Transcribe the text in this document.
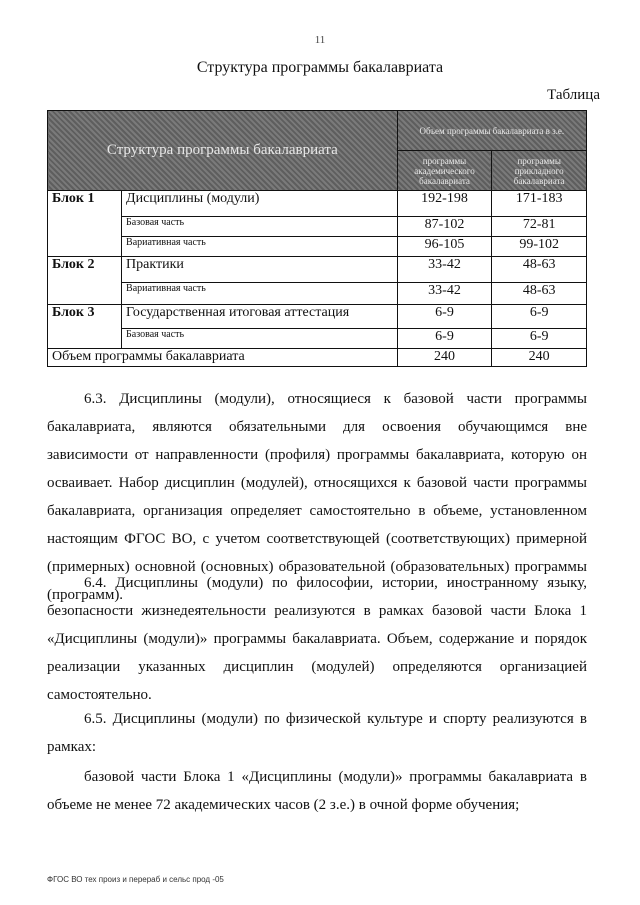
11
Структура программы бакалавриата
Таблица
Структура программы бакалавриата		Объем программы бакалавриата в з.е.	
		программы академического бакалавриата	программы прикладного бакалавриата
Блок 1	Дисциплины (модули)	192-198	171-183
	Базовая часть	87-102	72-81
	Вариативная часть	96-105	99-102
Блок 2	Практики	33-42	48-63
	Вариативная часть	33-42	48-63
Блок 3	Государственная итоговая аттестация	6-9	6-9
	Базовая часть	6-9	6-9
Объем программы бакалавриата		240	240

6.3. Дисциплины (модули), относящиеся к базовой части программы бакалавриата, являются обязательными для освоения обучающимся вне зависимости от направленности (профиля) программы бакалавриата, которую он осваивает. Набор дисциплин (модулей), относящихся к базовой части программы бакалавриата, организация определяет самостоятельно в объеме, установленном настоящим ФГОС ВО, с учетом соответствующей (соответствующих) примерной (примерных) основной (основных) образовательной (образовательных) программы (программ).

6.4. Дисциплины (модули) по философии, истории, иностранному языку, безопасности жизнедеятельности реализуются в рамках базовой части Блока 1 «Дисциплины (модули)» программы бакалавриата. Объем, содержание и порядок реализации указанных дисциплин (модулей) определяются организацией самостоятельно.

6.5. Дисциплины (модули) по физической культуре и спорту реализуются в рамках:

базовой части Блока 1 «Дисциплины (модули)» программы бакалавриата в объеме не менее 72 академических часов (2 з.е.) в очной форме обучения;

ФГОС ВО тех произ и перераб и сельс прод -05
